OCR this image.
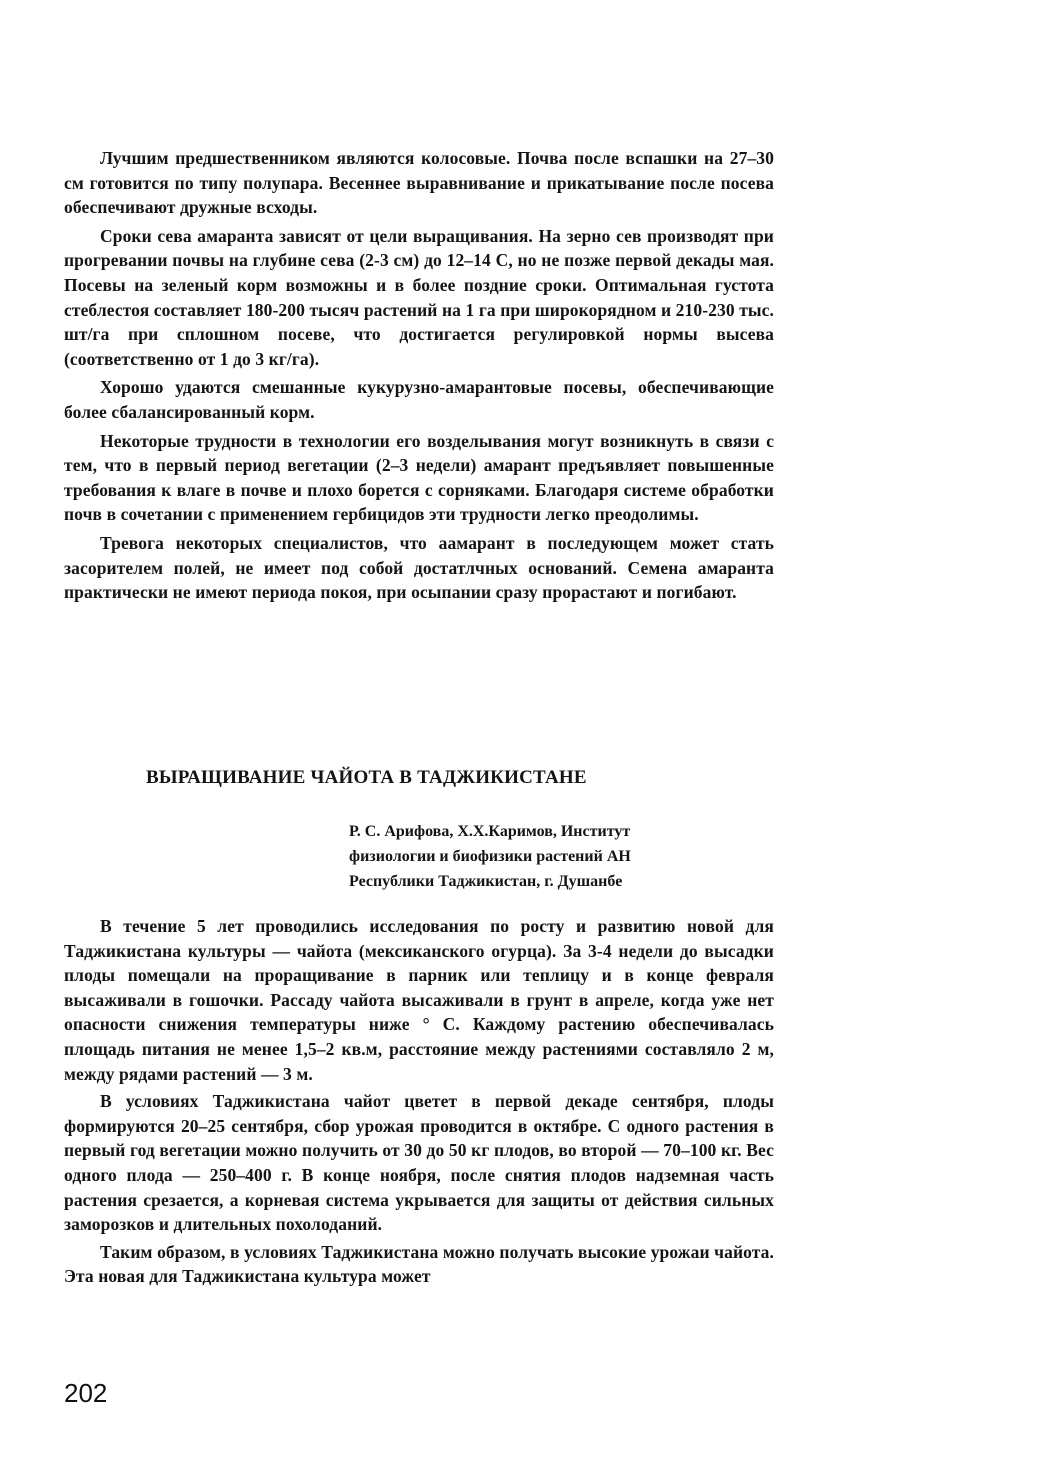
Лучшим предшественником являются колосовые. Почва после вспашки на 27–30 см готовится по типу полупара. Весеннее выравнивание и прикатывание после посева обеспечивают дружные всходы.

Сроки сева амаранта зависят от цели выращивания. На зерно сев производят при прогревании почвы на глубине сева (2-3 см) до 12–14 С, но не позже первой декады мая. Посевы на зеленый корм возможны и в более поздние сроки. Оптимальная густота стеблестоя составляет 180-200 тысяч растений на 1 га при широкорядном и 210-230 тыс. шт/га при сплошном посеве, что достигается регулировкой нормы высева (соответственно от 1 до 3 кг/га).

Хорошо удаются смешанные кукурузно-амарантовые посевы, обеспечивающие более сбалансированный корм.

Некоторые трудности в технологии его возделывания могут возникнуть в связи с тем, что в первый период вегетации (2–3 недели) амарант предъявляет повышенные требования к влаге в почве и плохо борется с сорняками. Благодаря системе обработки почв в сочетании с применением гербицидов эти трудности легко преодолимы.

Тревога некоторых специалистов, что аамарант в последующем может стать засорителем полей, не имеет под собой достатлчных оснований. Семена амаранта практически не имеют периода покоя, при осыпании сразу прорастают и погибают.

ВЫРАЩИВАНИЕ ЧАЙОТА В ТАДЖИКИСТАНЕ
Р. С. Арифова, Х.Х.Каримов, Институт
физиологии и биофизики растений АН
Республики Таджикистан, г. Душанбе

В течение 5 лет проводились исследования по росту и развитию новой для Таджикистана культуры — чайота (мексиканского огурца). За 3-4 недели до высадки плоды помещали на проращивание в парник или теплицу и в конце февраля высаживали в гошочки. Рассаду чайота высаживали в грунт в апреле, когда уже нет опасности снижения температуры ниже ° С. Каждому растению обеспечивалась площадь питания не менее 1,5–2 кв.м, расстояние между растениями составляло 2 м, между рядами растений — 3 м.

В условиях Таджикистана чайот цветет в первой декаде сентября, плоды формируются 20–25 сентября, сбор урожая проводится в октябре. С одного растения в первый год вегетации можно получить от 30 до 50 кг плодов, во второй — 70–100 кг. Вес одного плода — 250–400 г. В конце ноября, после снятия плодов надземная часть растения срезается, а корневая система укрывается для защиты от действия сильных заморозков и длительных похолоданий.

Таким образом, в условиях Таджикистана можно получать высокие урожаи чайота. Эта новая для Таджикистана культура может

202
